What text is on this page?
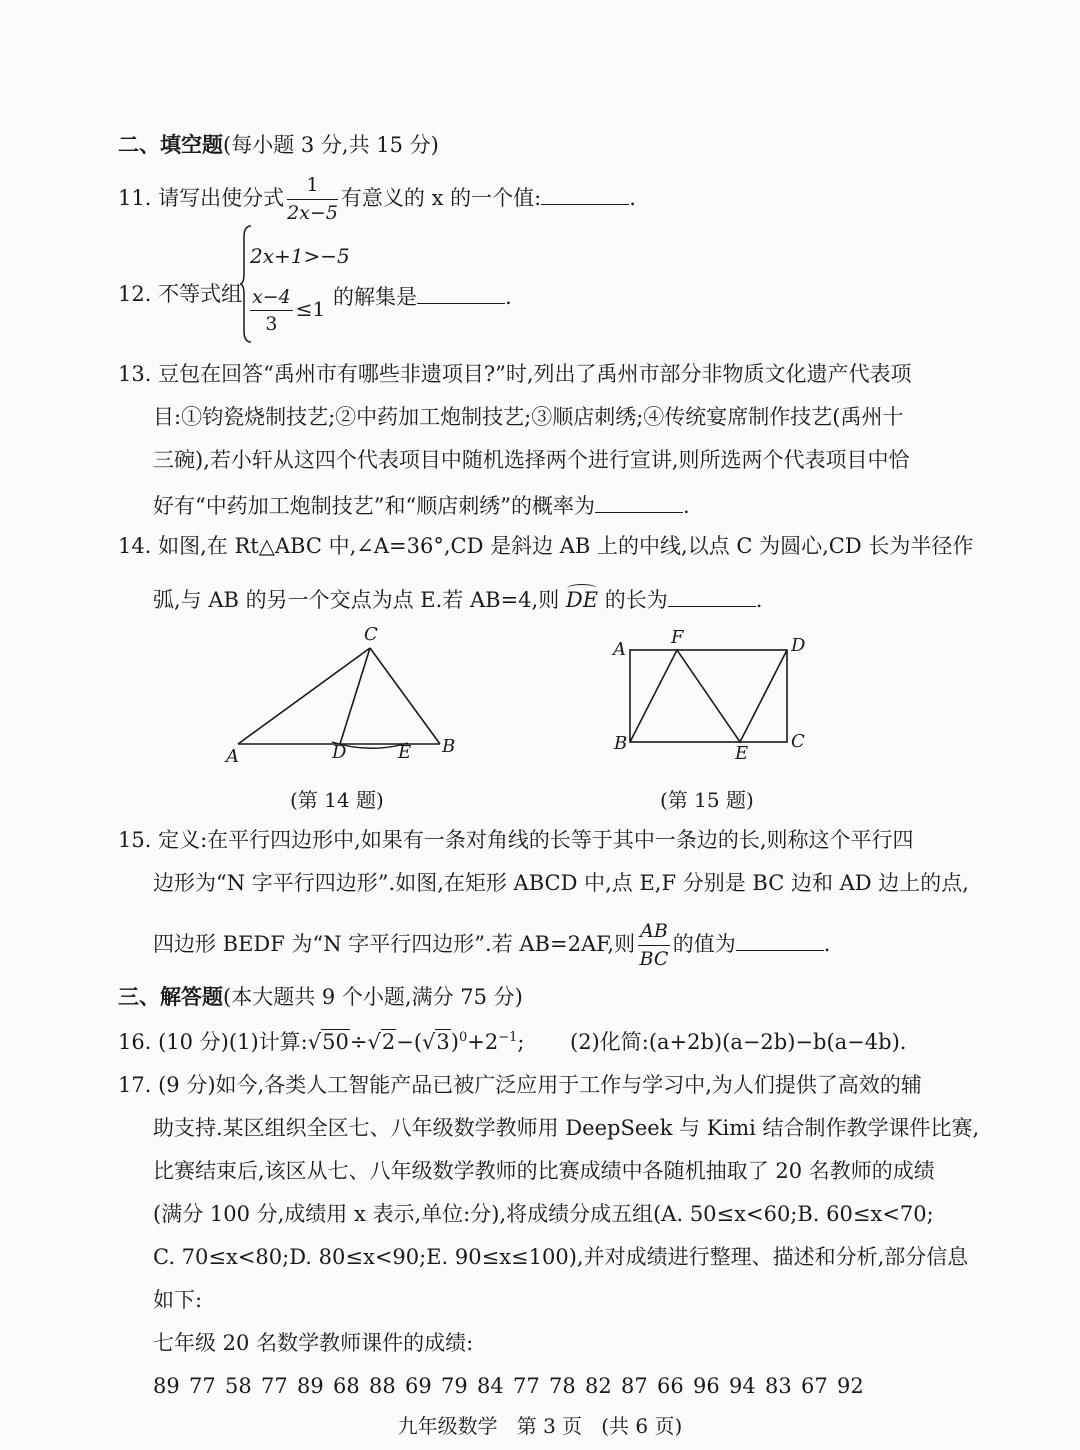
二、填空题(每小题 3 分,共 15 分)
11. 请写出使分式 $\frac{1}{2x-5}$ 有意义的 x 的一个值:	.
12. 不等式组
2x+1>−5
$\frac{x-4}{3} \le 1$ 的解集是	.
13. 豆包在回答“禹州市有哪些非遗项目?”时,列出了禹州市部分非物质文化遗产代表项
目:①钧瓷烧制技艺;②中药加工炮制技艺;③顺店刺绣;④传统宴席制作技艺(禹州十
三碗),若小轩从这四个代表项目中随机选择两个进行宣讲,则所选两个代表项目中恰
好有“中药加工炮制技艺”和“顺店刺绣”的概率为	.
14. 如图,在 Rt△ABC 中,∠A=36°,CD 是斜边 AB 上的中线,以点 C 为圆心,CD 长为半径作
弧,与 AB 的另一个交点为点 E.若 AB=4,则 DE 的长为	.
C
A	B
D	E
(第 14 题)
A
F	D
B	E
C
(第 15 题)
15. 定义:在平行四边形中,如果有一条对角线的长等于其中一条边的长,则称这个平行四
边形为“N 字平行四边形”.如图,在矩形 ABCD 中,点 E,F 分别是 BC 边和 AD 边上的点,
四边形 BEDF 为“N 字平行四边形”.若 AB=2AF,则 $\frac{AB}{BC}$ 的值为	.
三、解答题(本大题共 9 个小题,满分 75 分)
16. (10 分)(1)计算$:√50\div√2-(√3)^0+2^{-1}$; (2)化简:(a+2b)(a−2b)−b(a−4b).
17. (9 分)如今,各类人工智能产品已被广泛应用于工作与学习中,为人们提供了高效的辅
助支持.某区组织全区七、八年级数学教师用 DeepSeek 与 Kimi 结合制作教学课件比赛,
比赛结束后,该区从七、八年级数学教师的比赛成绩中各随机抽取了 20 名教师的成绩
(满分 100 分,成绩用 x 表示,单位:分),将成绩分成五组(A. 50≤x<60;B. 60≤x<70;
C. 70≤x<80;D. 80≤x<90;E. 90≤x≤100),并对成绩进行整理、描述和分析,部分信息
如下:
七年级 20 名数学教师课件的成绩:
89 77 58 77 89 68 88 69 79 84 77 78 82 87 66 96 94 83 67 92
九年级数学   第 3 页   (共 6 页)
